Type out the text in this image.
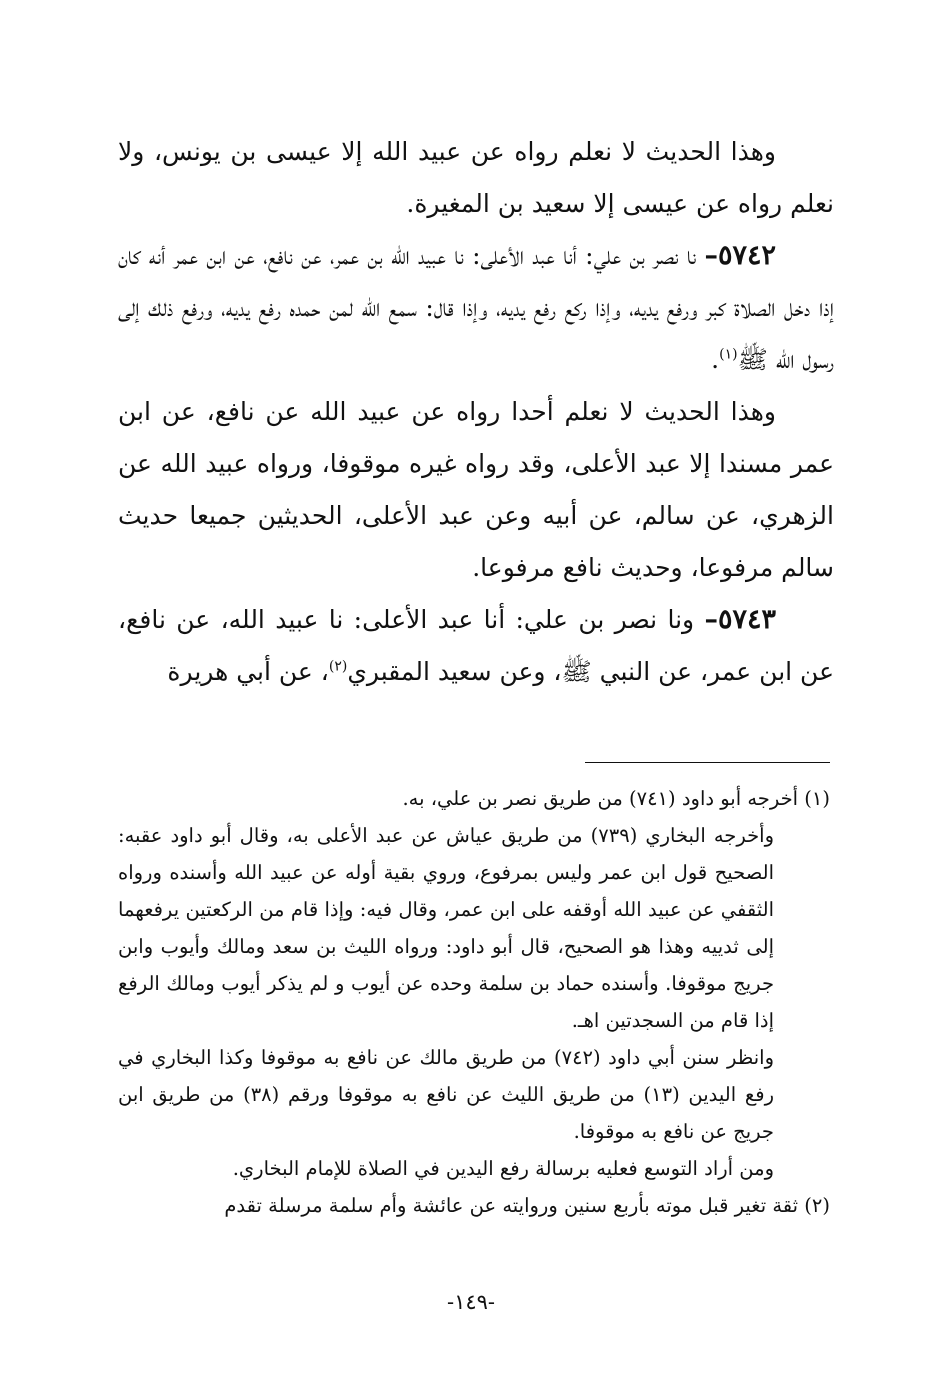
وهذا الحديث لا نعلم رواه عن عبيد الله إلا عيسى بن يونس، ولا نعلم رواه عن عيسى إلا سعيد بن المغيرة.

٥٧٤٢– نا نصر بن علي: أنا عبد الأعلى: نا عبيد الله بن عمر، عن نافع، عن ابن عمر أنه كان إذا دخل الصلاة كبر ورفع يديه، وإذا ركع رفع يديه، وإذا قال: سمع الله لمن حمده رفع يديه، ورفع ذلك إلى رسول الله ﷺ$^{(١)}$.

وهذا الحديث لا نعلم أحدا رواه عن عبيد الله عن نافع، عن ابن عمر مسندا إلا عبد الأعلى، وقد رواه غيره موقوفا، ورواه عبيد الله عن الزهري، عن سالم، عن أبيه وعن عبد الأعلى، الحديثين جميعا حديث سالم مرفوعا، وحديث نافع مرفوعا.

٥٧٤٣– ونا نصر بن علي: أنا عبد الأعلى: نا عبيد الله، عن نافع، عن ابن عمر، عن النبي ﷺ، وعن سعيد المقبري$^{(٢)}$، عن أبي هريرة

(١) أخرجه أبو داود (٧٤١) من طريق نصر بن علي، به.

وأخرجه البخاري (٧٣٩) من طريق عياش عن عبد الأعلى به، وقال أبو داود عقبه: الصحيح قول ابن عمر وليس بمرفوع، وروي بقية أوله عن عبيد الله وأسنده ورواه الثقفي عن عبيد الله أوقفه على ابن عمر، وقال فيه: وإذا قام من الركعتين يرفعهما إلى ثدييه وهذا هو الصحيح، قال أبو داود: ورواه الليث بن سعد ومالك وأيوب وابن جريج موقوفا. وأسنده حماد بن سلمة وحده عن أيوب و لم يذكر أيوب ومالك الرفع إذا قام من السجدتين اهـ.

وانظر سنن أبي داود (٧٤٢) من طريق مالك عن نافع به موقوفا وكذا البخاري في رفع اليدين (١٣) من طريق الليث عن نافع به موقوفا ورقم (٣٨) من طريق ابن جريج عن نافع به موقوفا.

ومن أراد التوسع فعليه برسالة رفع اليدين في الصلاة للإمام البخاري.

(٢) ثقة تغير قبل موته بأربع سنين وروايته عن عائشة وأم سلمة مرسلة تقدم

-١٤٩-
